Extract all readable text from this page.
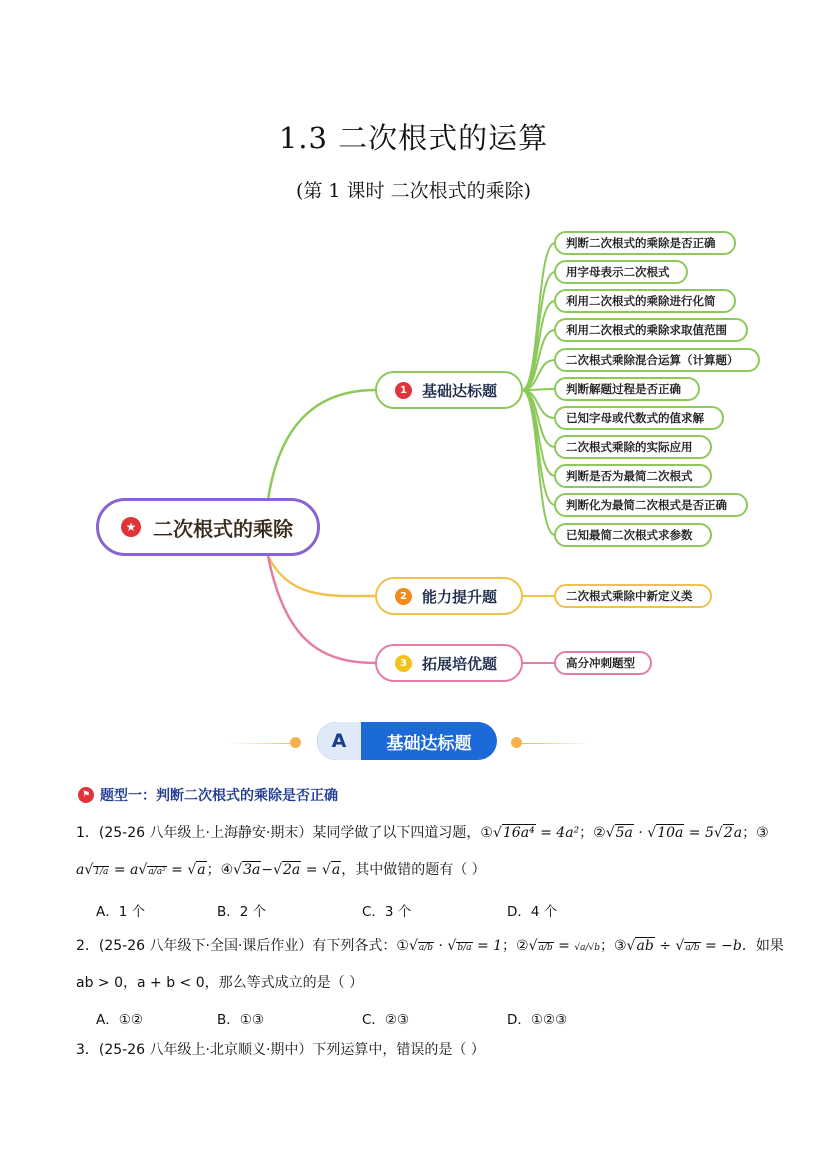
1.3 二次根式的运算
(第 1 课时 二次根式的乘除)
★ 二次根式的乘除
1	基础达标题
2	能力提升题
3	拓展培优题
判断二次根式的乘除是否正确
用字母表示二次根式
利用二次根式的乘除进行化简
利用二次根式的乘除求取值范围
二次根式乘除混合运算（计算题）
判断解题过程是否正确
已知字母或代数式的值求解
二次根式乘除的实际应用
判断是否为最简二次根式
判断化为最简二次根式是否正确
已知最简二次根式求参数
二次根式乘除中新定义类
高分冲刺题型
A	基础达标题
⚑ 题型一： 判断二次根式的乘除是否正确
1．(25-26 八年级上·上海静安·期末）某同学做了以下四道习题，①√16a⁴ = 4a²；②√5a · √10a = 5√2a；③
a√1/a = a√a/a² = √a；④√3a−√2a = √a，其中做错的题有（ ）
A．1 个	B．2 个	C．3 个	D．4 个
2．(25-26 八年级下·全国·课后作业）有下列各式：①√a/b · √b/a = 1；②√a/b = √a/√b；③√ab ÷ √a/b = −b．如果
ab > 0，a + b < 0，那么等式成立的是（ ）
A．①②	B．①③	C．②③	D．①②③
3．(25-26 八年级上·北京顺义·期中）下列运算中，错误的是（ ）
